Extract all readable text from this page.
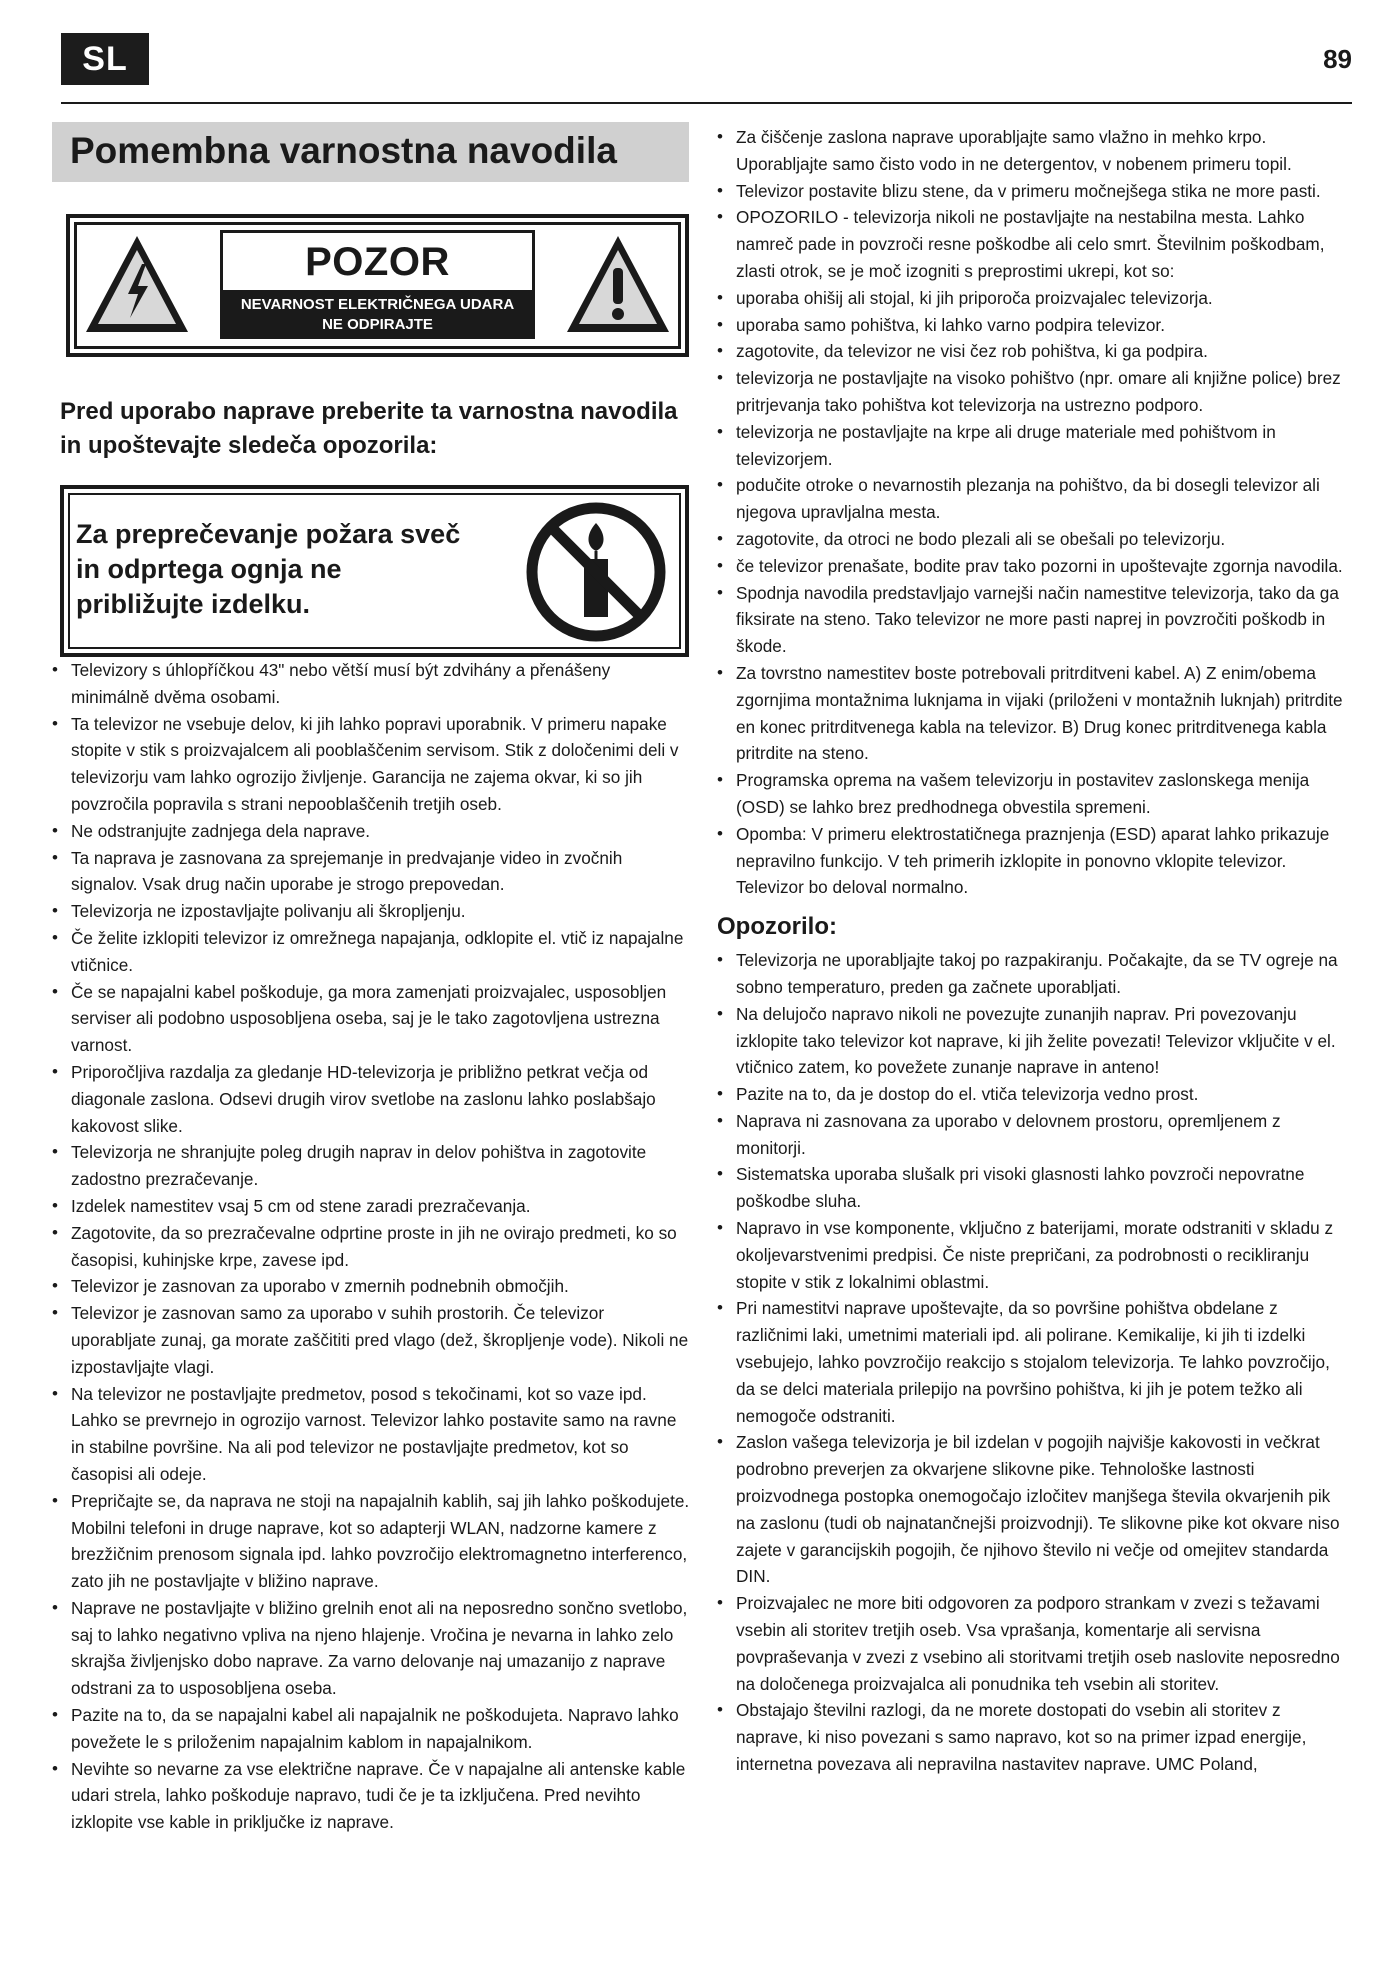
SL	89
Pomembna varnostna navodila
POZOR
NEVARNOST ELEKTRIČNEGA UDARA
NE ODPIRAJTE
Pred uporabo naprave preberite ta varnostna navodila in upoštevajte sledeča opozorila:
Za preprečevanje požara sveč in odprtega ognja ne približujte izdelku.
• Televizory s úhlopříčkou 43" nebo větší musí být zdvihány a přenášeny minimálně dvěma osobami.
• Ta televizor ne vsebuje delov, ki jih lahko popravi uporabnik. V primeru napake stopite v stik s proizvajalcem ali pooblaščenim servisom. Stik z določenimi deli v televizorju vam lahko ogrozijo življenje. Garancija ne zajema okvar, ki so jih povzročila popravila s strani nepooblaščenih tretjih oseb.
• Ne odstranjujte zadnjega dela naprave.
• Ta naprava je zasnovana za sprejemanje in predvajanje video in zvočnih signalov. Vsak drug način uporabe je strogo prepovedan.
• Televizorja ne izpostavljajte polivanju ali škropljenju.
• Če želite izklopiti televizor iz omrežnega napajanja, odklopite el. vtič iz napajalne vtičnice.
• Če se napajalni kabel poškoduje, ga mora zamenjati proizvajalec, usposobljen serviser ali podobno usposobljena oseba, saj je le tako zagotovljena ustrezna varnost.
• Priporočljiva razdalja za gledanje HD-televizorja je približno petkrat večja od diagonale zaslona. Odsevi drugih virov svetlobe na zaslonu lahko poslabšajo kakovost slike.
• Televizorja ne shranjujte poleg drugih naprav in delov pohištva in zagotovite zadostno prezračevanje.
• Izdelek namestitev vsaj 5 cm od stene zaradi prezračevanja.
• Zagotovite, da so prezračevalne odprtine proste in jih ne ovirajo predmeti, ko so časopisi, kuhinjske krpe, zavese ipd.
• Televizor je zasnovan za uporabo v zmernih podnebnih območjih.
• Televizor je zasnovan samo za uporabo v suhih prostorih. Če televizor uporabljate zunaj, ga morate zaščititi pred vlago (dež, škropljenje vode). Nikoli ne izpostavljajte vlagi.
• Na televizor ne postavljajte predmetov, posod s tekočinami, kot so vaze ipd. Lahko se prevrnejo in ogrozijo varnost. Televizor lahko postavite samo na ravne in stabilne površine. Na ali pod televizor ne postavljajte predmetov, kot so časopisi ali odeje.
• Prepričajte se, da naprava ne stoji na napajalnih kablih, saj jih lahko poškodujete. Mobilni telefoni in druge naprave, kot so adapterji WLAN, nadzorne kamere z brezžičnim prenosom signala ipd. lahko povzročijo elektromagnetno interferenco, zato jih ne postavljajte v bližino naprave.
• Naprave ne postavljajte v bližino grelnih enot ali na neposredno sončno svetlobo, saj to lahko negativno vpliva na njeno hlajenje. Vročina je nevarna in lahko zelo skrajša življenjsko dobo naprave. Za varno delovanje naj umazanijo z naprave odstrani za to usposobljena oseba.
• Pazite na to, da se napajalni kabel ali napajalnik ne poškodujeta. Napravo lahko povežete le s priloženim napajalnim kablom in napajalnikom.
• Nevihte so nevarne za vse električne naprave. Če v napajalne ali antenske kable udari strela, lahko poškoduje napravo, tudi če je ta izključena. Pred nevihto izklopite vse kable in priključke iz naprave.
• Za čiščenje zaslona naprave uporabljajte samo vlažno in mehko krpo. Uporabljajte samo čisto vodo in ne detergentov, v nobenem primeru topil.
• Televizor postavite blizu stene, da v primeru močnejšega stika ne more pasti.
• OPOZORILO - televizorja nikoli ne postavljajte na nestabilna mesta. Lahko namreč pade in povzroči resne poškodbe ali celo smrt. Številnim poškodbam, zlasti otrok, se je moč izogniti s preprostimi ukrepi, kot so:
• uporaba ohišij ali stojal, ki jih priporoča proizvajalec televizorja.
• uporaba samo pohištva, ki lahko varno podpira televizor.
• zagotovite, da televizor ne visi čez rob pohištva, ki ga podpira.
• televizorja ne postavljajte na visoko pohištvo (npr. omare ali knjižne police) brez pritrjevanja tako pohištva kot televizorja na ustrezno podporo.
• televizorja ne postavljajte na krpe ali druge materiale med pohištvom in televizorjem.
• podučite otroke o nevarnostih plezanja na pohištvo, da bi dosegli televizor ali njegova upravljalna mesta.
• zagotovite, da otroci ne bodo plezali ali se obešali po televizorju.
• če televizor prenašate, bodite prav tako pozorni in upoštevajte zgornja navodila.
• Spodnja navodila predstavljajo varnejši način namestitve televizorja, tako da ga fiksirate na steno. Tako televizor ne more pasti naprej in povzročiti poškodb in škode.
• Za tovrstno namestitev boste potrebovali pritrditveni kabel. A) Z enim/obema zgornjima montažnima luknjama in vijaki (priloženi v montažnih luknjah) pritrdite en konec pritrditvenega kabla na televizor. B) Drug konec pritrditvenega kabla pritrdite na steno.
• Programska oprema na vašem televizorju in postavitev zaslonskega menija (OSD) se lahko brez predhodnega obvestila spremeni.
• Opomba: V primeru elektrostatičnega praznjenja (ESD) aparat lahko prikazuje nepravilno funkcijo. V teh primerih izklopite in ponovno vklopite televizor. Televizor bo deloval normalno.
Opozorilo:
• Televizorja ne uporabljajte takoj po razpakiranju. Počakajte, da se TV ogreje na sobno temperaturo, preden ga začnete uporabljati.
• Na delujočo napravo nikoli ne povezujte zunanjih naprav. Pri povezovanju izklopite tako televizor kot naprave, ki jih želite povezati! Televizor vključite v el. vtičnico zatem, ko povežete zunanje naprave in anteno!
• Pazite na to, da je dostop do el. vtiča televizorja vedno prost.
• Naprava ni zasnovana za uporabo v delovnem prostoru, opremljenem z monitorji.
• Sistematska uporaba slušalk pri visoki glasnosti lahko povzroči nepovratne poškodbe sluha.
• Napravo in vse komponente, vključno z baterijami, morate odstraniti v skladu z okoljevarstvenimi predpisi. Če niste prepričani, za podrobnosti o recikliranju stopite v stik z lokalnimi oblastmi.
• Pri namestitvi naprave upoštevajte, da so površine pohištva obdelane z različnimi laki, umetnimi materiali ipd. ali polirane. Kemikalije, ki jih ti izdelki vsebujejo, lahko povzročijo reakcijo s stojalom televizorja. Te lahko povzročijo, da se delci materiala prilepijo na površino pohištva, ki jih je potem težko ali nemogoče odstraniti.
• Zaslon vašega televizorja je bil izdelan v pogojih najvišje kakovosti in večkrat podrobno preverjen za okvarjene slikovne pike. Tehnološke lastnosti proizvodnega postopka onemogočajo izločitev manjšega števila okvarjenih pik na zaslonu (tudi ob najnatančnejši proizvodnji). Te slikovne pike kot okvare niso zajete v garancijskih pogojih, če njihovo število ni večje od omejitev standarda DIN.
• Proizvajalec ne more biti odgovoren za podporo strankam v zvezi s težavami vsebin ali storitev tretjih oseb. Vsa vprašanja, komentarje ali servisna povpraševanja v zvezi z vsebino ali storitvami tretjih oseb naslovite neposredno na določenega proizvajalca ali ponudnika teh vsebin ali storitev.
• Obstajajo številni razlogi, da ne morete dostopati do vsebin ali storitev z naprave, ki niso povezani s samo napravo, kot so na primer izpad energije, internetna povezava ali nepravilna nastavitev naprave. UMC Poland,
